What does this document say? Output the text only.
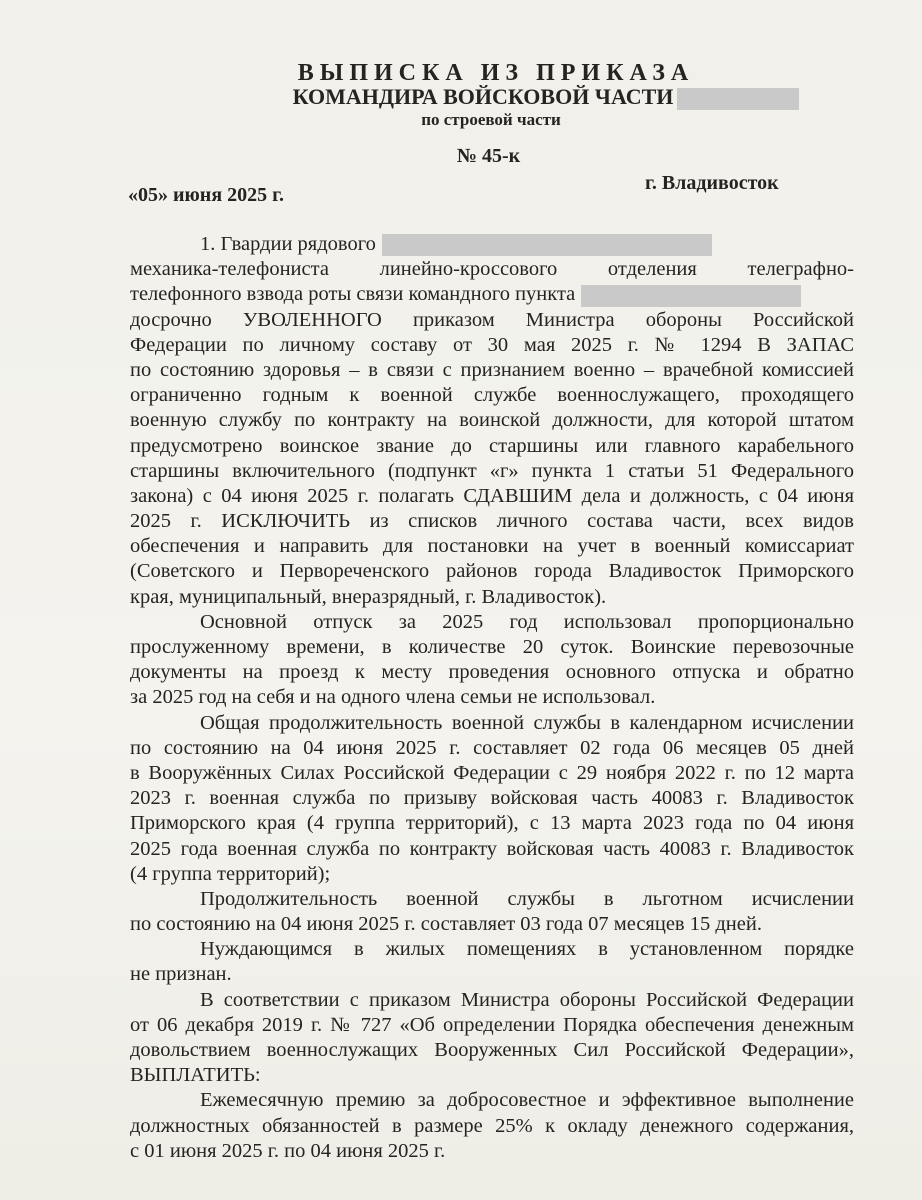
ВЫПИСКА ИЗ ПРИКАЗА
КОМАНДИРА ВОЙСКОВОЙ ЧАСТИ
по строевой части
№ 45-к
«05» июня 2025 г.
г. Владивосток
1. Гвардии рядового
механика-телефониста линейно-кроссового отделения телеграфно-
телефонного взвода роты связи командного пункта
досрочно УВОЛЕННОГО приказом Министра обороны Российской
Федерации по личному составу от 30 мая 2025 г. № 1294 В ЗАПАС
по состоянию здоровья – в связи с признанием военно – врачебной комиссией
ограниченно годным к военной службе военнослужащего, проходящего
военную службу по контракту на воинской должности, для которой штатом
предусмотрено воинское звание до старшины или главного карабельного
старшины включительного (подпункт «г» пункта 1 статьи 51 Федерального
закона) с 04 июня 2025 г. полагать СДАВШИМ дела и должность, с 04 июня
2025 г. ИСКЛЮЧИТЬ из списков личного состава части, всех видов
обеспечения и направить для постановки на учет в военный комиссариат
(Советского и Первореченского районов города Владивосток Приморского
края, муниципальный, внеразрядный, г. Владивосток).
Основной отпуск за 2025 год использовал пропорционально
прослуженному времени, в количестве 20 суток. Воинские перевозочные
документы на проезд к месту проведения основного отпуска и обратно
за 2025 год на себя и на одного члена семьи не использовал.
Общая продолжительность военной службы в календарном исчислении
по состоянию на 04 июня 2025 г. составляет 02 года 06 месяцев 05 дней
в Вооружённых Силах Российской Федерации с 29 ноября 2022 г. по 12 марта
2023 г. военная служба по призыву войсковая часть 40083 г. Владивосток
Приморского края (4 группа территорий), с 13 марта 2023 года по 04 июня
2025 года военная служба по контракту войсковая часть 40083 г. Владивосток
(4 группа территорий);
Продолжительность военной службы в льготном исчислении
по состоянию на 04 июня 2025 г. составляет 03 года 07 месяцев 15 дней.
Нуждающимся в жилых помещениях в установленном порядке
не признан.
В соответствии с приказом Министра обороны Российской Федерации
от 06 декабря 2019 г. № 727 «Об определении Порядка обеспечения денежным
довольствием военнослужащих Вооруженных Сил Российской Федерации»,
ВЫПЛАТИТЬ:
Ежемесячную премию за добросовестное и эффективное выполнение
должностных обязанностей в размере 25% к окладу денежного содержания,
с 01 июня 2025 г. по 04 июня 2025 г.
